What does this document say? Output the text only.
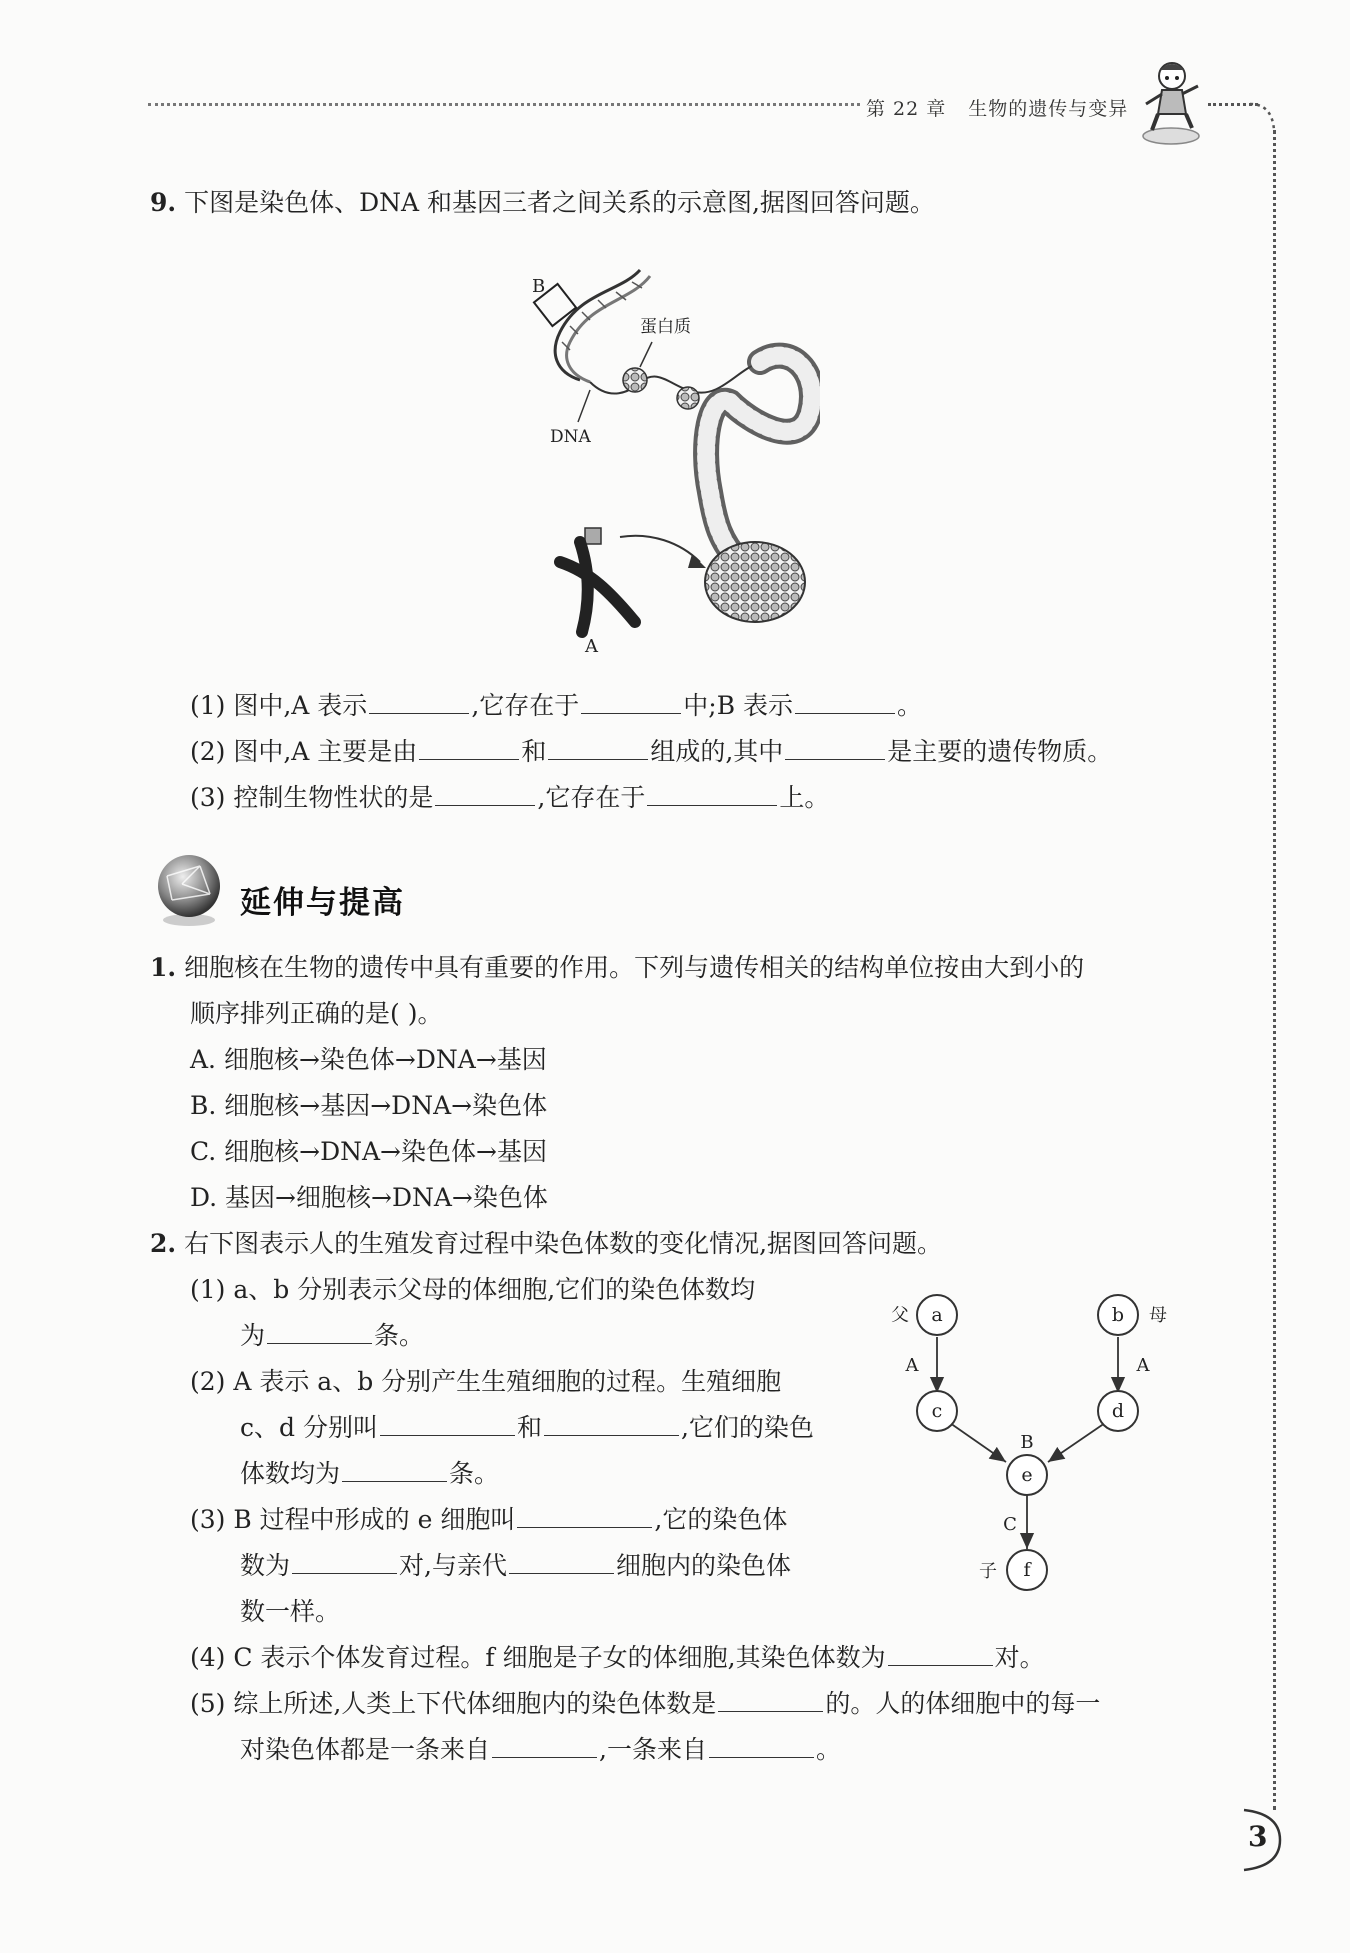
第 22 章 生物的遗传与变异
9. 下图是染色体、DNA 和基因三者之间关系的示意图,据图回答问题。
B
蛋白质
DNA
A
(1) 图中,A 表示	,它存在于	中;B 表示	。
(2) 图中,A 主要是由	和	组成的,其中	是主要的遗传物质。
(3) 控制生物性状的是	,它存在于	上。
延伸与提高
1. 细胞核在生物的遗传中具有重要的作用。下列与遗传相关的结构单位按由大到小的
顺序排列正确的是( )。
A. 细胞核→染色体→DNA→基因
B. 细胞核→基因→DNA→染色体
C. 细胞核→DNA→染色体→基因
D. 基因→细胞核→DNA→染色体
2. 右下图表示人的生殖发育过程中染色体数的变化情况,据图回答问题。
(1) a、b 分别表示父母的体细胞,它们的染色体数均
为	条。
(2) A 表示 a、b 分别产生生殖细胞的过程。生殖细胞
c、d 分别叫	和	,它们的染色
体数均为	条。
(3) B 过程中形成的 e 细胞叫	,它的染色体
数为	对,与亲代	细胞内的染色体
数一样。
(4) C 表示个体发育过程。f 细胞是子女的体细胞,其染色体数为	对。
(5) 综上所述,人类上下代体细胞内的染色体数是	的。人的体细胞中的每一
对染色体都是一条来自	,一条来自	。
a	b
c	d
e
f
父	母
子
A	A
B
C
3
